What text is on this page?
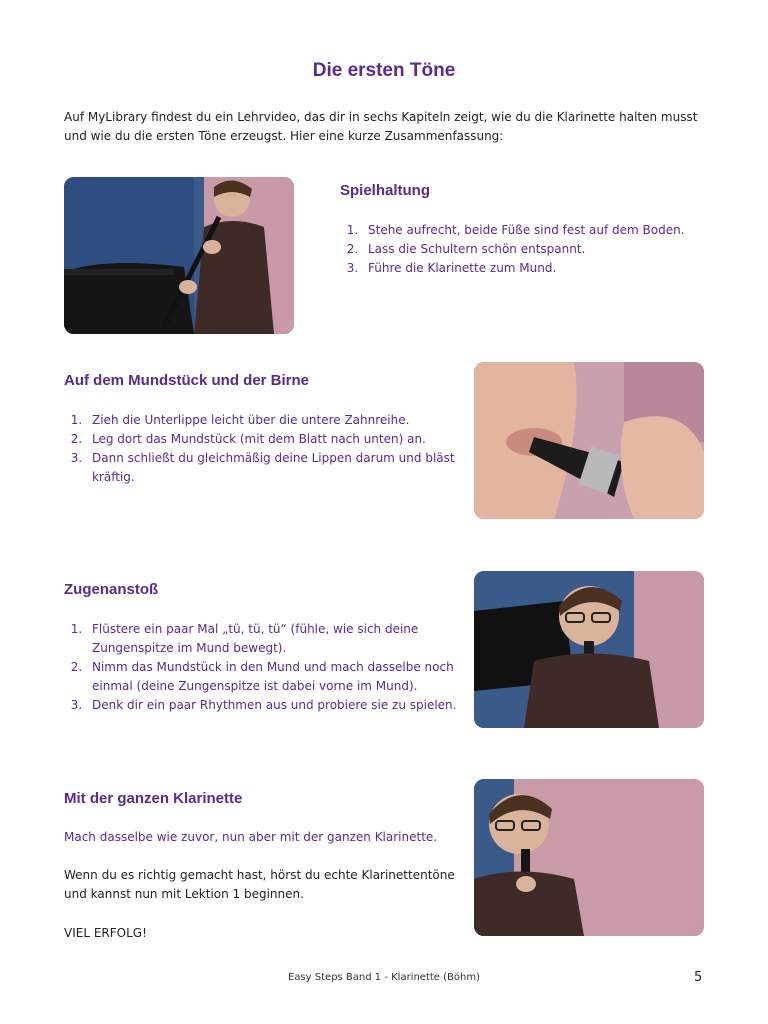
Die ersten Töne

Auf MyLibrary findest du ein Lehrvideo, das dir in sechs Kapiteln zeigt, wie du die Klarinette halten musst und wie du die ersten Töne erzeugst. Hier eine kurze Zusammenfassung:

Spielhaltung
1. Stehe aufrecht, beide Füße sind fest auf dem Boden.
2. Lass die Schultern schön entspannt.
3. Führe die Klarinette zum Mund.
Auf dem Mundstück und der Birne
1. Zieh die Unterlippe leicht über die untere Zahnreihe.
2. Leg dort das Mundstück (mit dem Blatt nach unten) an.
3. Dann schließt du gleichmäßig deine Lippen darum und bläst kräftig.
Zugenanstoß
1. Flüstere ein paar Mal „tü, tü, tü“ (fühle, wie sich deine Zungenspitze im Mund bewegt).
2. Nimm das Mundstück in den Mund und mach dasselbe noch einmal (deine Zungenspitze ist dabei vorne im Mund).
3. Denk dir ein paar Rhythmen aus und probiere sie zu spielen.
Mit der ganzen Klarinette

Mach dasselbe wie zuvor, nun aber mit der ganzen Klarinette.

Wenn du es richtig gemacht hast, hörst du echte Klarinettentöne und kannst nun mit Lektion 1 beginnen.

VIEL ERFOLG!

Easy Steps Band 1 - Klarinette (Böhm)	5
